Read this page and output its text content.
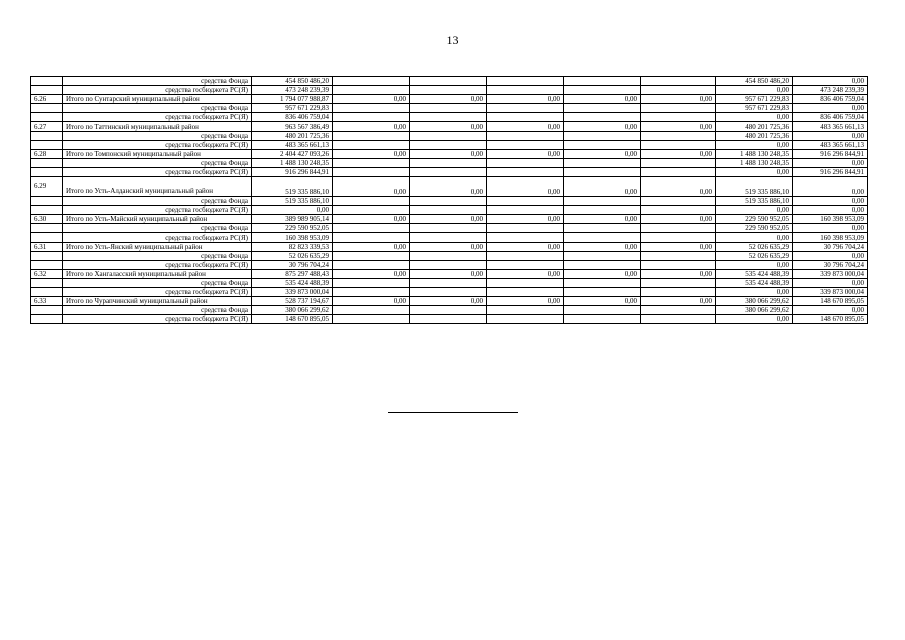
13
	средства Фонда	454 850 486,20							454 850 486,20	0,00
	средства госбюджета РС(Я)	473 248 239,39							0,00	473 248 239,39
6.26	Итого по Сунтарский муниципальный район	1 794 077 988,87	0,00	0,00	0,00	0,00	0,00		957 671 229,83	836 406 759,04
	средства Фонда	957 671 229,83							957 671 229,83	0,00
	средства госбюджета РС(Я)	836 406 759,04							0,00	836 406 759,04
6.27	Итого по Таттинский муниципальный район	963 567 386,49	0,00	0,00	0,00	0,00	0,00		480 201 725,36	483 365 661,13
	средства Фонда	480 201 725,36							480 201 725,36	0,00
	средства госбюджета РС(Я)	483 365 661,13							0,00	483 365 661,13
6.28	Итого по Томпонский муниципальный район	2 404 427 093,26	0,00	0,00	0,00	0,00	0,00		1 488 130 248,35	916 296 844,91
	средства Фонда	1 488 130 248,35							1 488 130 248,35	0,00
	средства госбюджета РС(Я)	916 296 844,91							0,00	916 296 844,91
6.29	Итого по Усть-Алданский муниципальный район	519 335 886,10	0,00	0,00	0,00	0,00	0,00		519 335 886,10	0,00
	средства Фонда	519 335 886,10							519 335 886,10	0,00
	средства госбюджета РС(Я)	0,00							0,00	0,00
6.30	Итого по Усть-Майский муниципальный район	389 989 905,14	0,00	0,00	0,00	0,00	0,00		229 590 952,05	160 398 953,09
	средства Фонда	229 590 952,05							229 590 952,05	0,00
	средства госбюджета РС(Я)	160 398 953,09							0,00	160 398 953,09
6.31	Итого по Усть-Янский муниципальный район	82 823 339,53	0,00	0,00	0,00	0,00	0,00		52 026 635,29	30 796 704,24
	средства Фонда	52 026 635,29							52 026 635,29	0,00
	средства госбюджета РС(Я)	30 796 704,24							0,00	30 796 704,24
6.32	Итого по Хангаласский муниципальный район	875 297 488,43	0,00	0,00	0,00	0,00	0,00		535 424 488,39	339 873 000,04
	средства Фонда	535 424 488,39							535 424 488,39	0,00
	средства госбюджета РС(Я)	339 873 000,04							0,00	339 873 000,04
6.33	Итого по Чурапчинский муниципальный район	528 737 194,67	0,00	0,00	0,00	0,00	0,00		380 066 299,62	148 670 895,05
	средства Фонда	380 066 299,62							380 066 299,62	0,00
	средства госбюджета РС(Я)	148 670 895,05							0,00	148 670 895,05
